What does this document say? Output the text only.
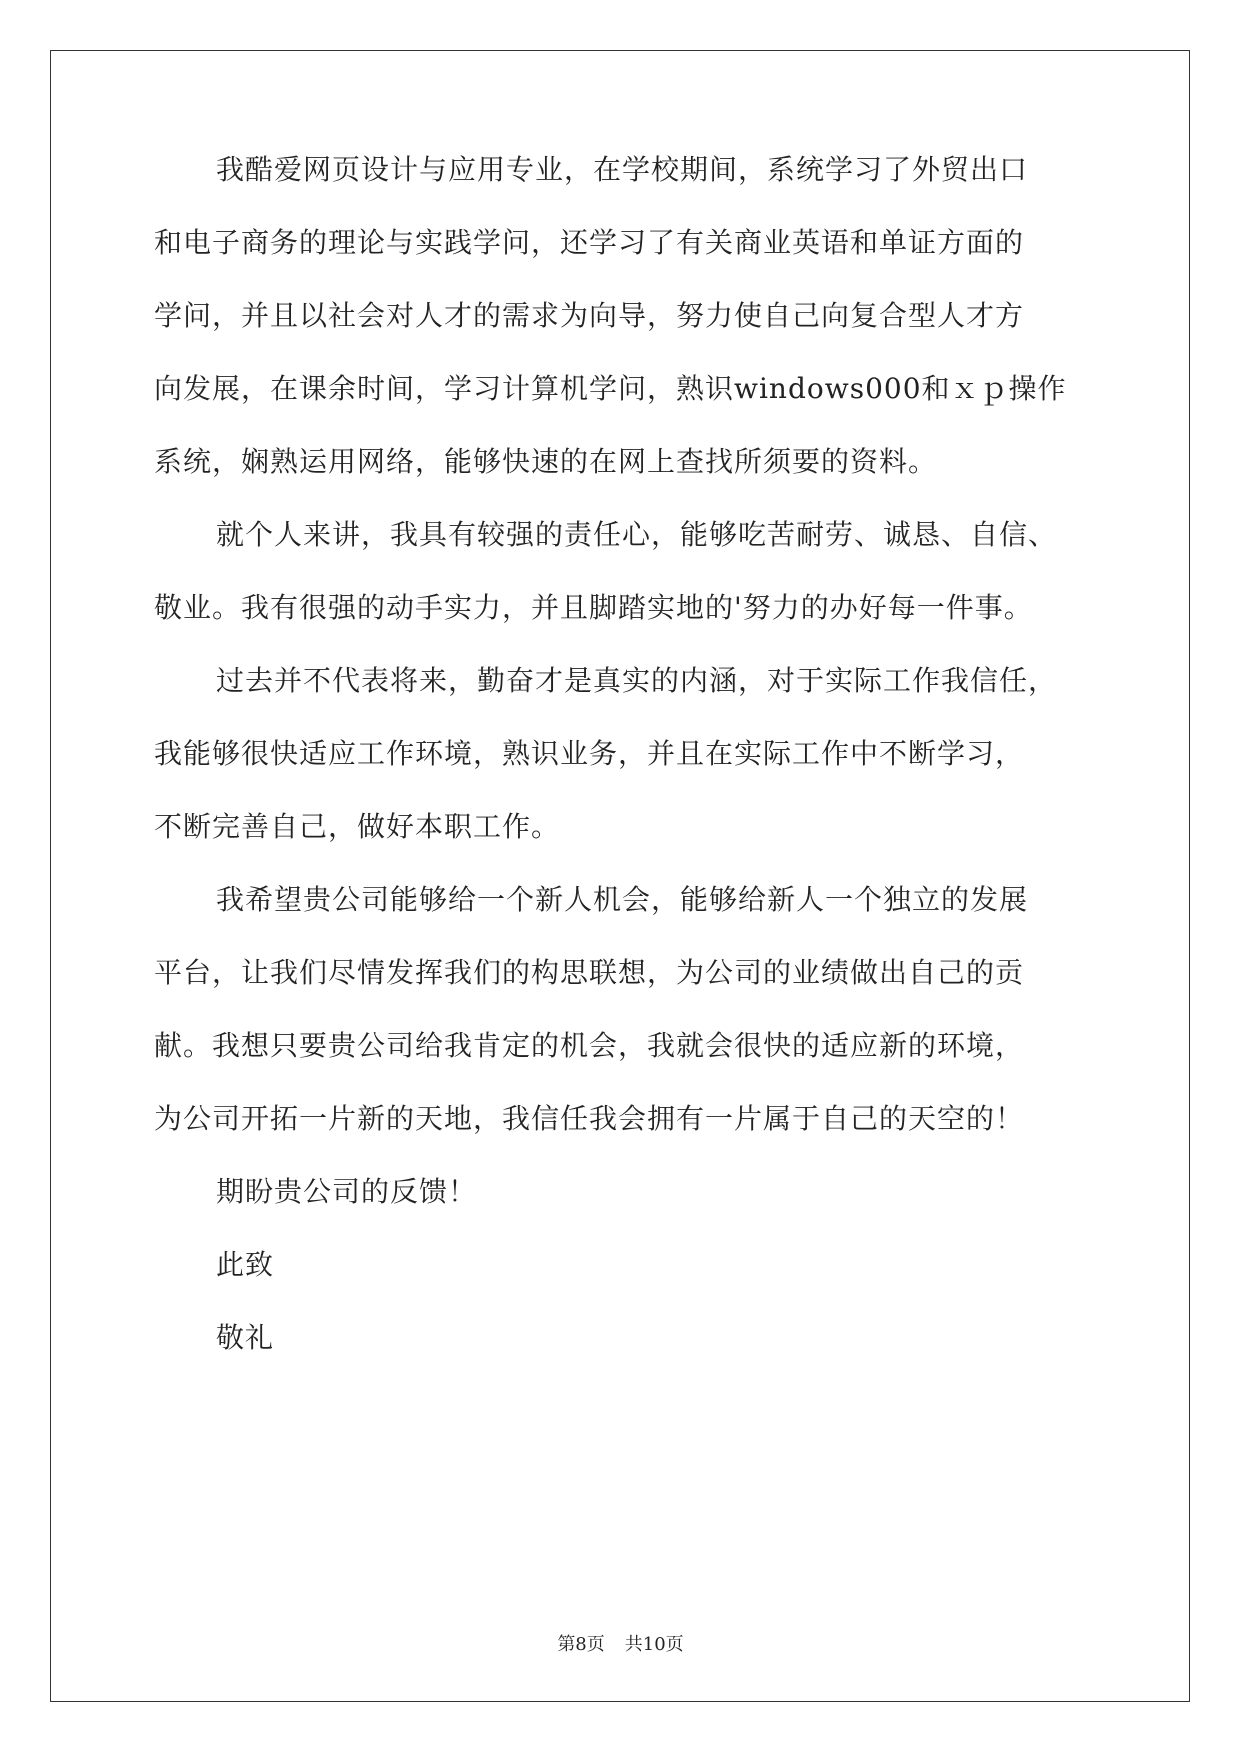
我酷爱网页设计与应用专业，在学校期间，系统学习了外贸出口
和电子商务的理论与实践学问，还学习了有关商业英语和单证方面的
学问，并且以社会对人才的需求为向导，努力使自己向复合型人才方
向发展，在课余时间，学习计算机学问，熟识windows000和ｘｐ操作
系统，娴熟运用网络，能够快速的在网上查找所须要的资料。
就个人来讲，我具有较强的责任心，能够吃苦耐劳、诚恳、自信、
敬业。我有很强的动手实力，并且脚踏实地的'努力的办好每一件事。
过去并不代表将来，勤奋才是真实的内涵，对于实际工作我信任，
我能够很快适应工作环境，熟识业务，并且在实际工作中不断学习，
不断完善自己，做好本职工作。
我希望贵公司能够给一个新人机会，能够给新人一个独立的发展
平台，让我们尽情发挥我们的构思联想，为公司的业绩做出自己的贡
献。我想只要贵公司给我肯定的机会，我就会很快的适应新的环境，
为公司开拓一片新的天地，我信任我会拥有一片属于自己的天空的！
期盼贵公司的反馈！
此致
敬礼
第8页 共10页
